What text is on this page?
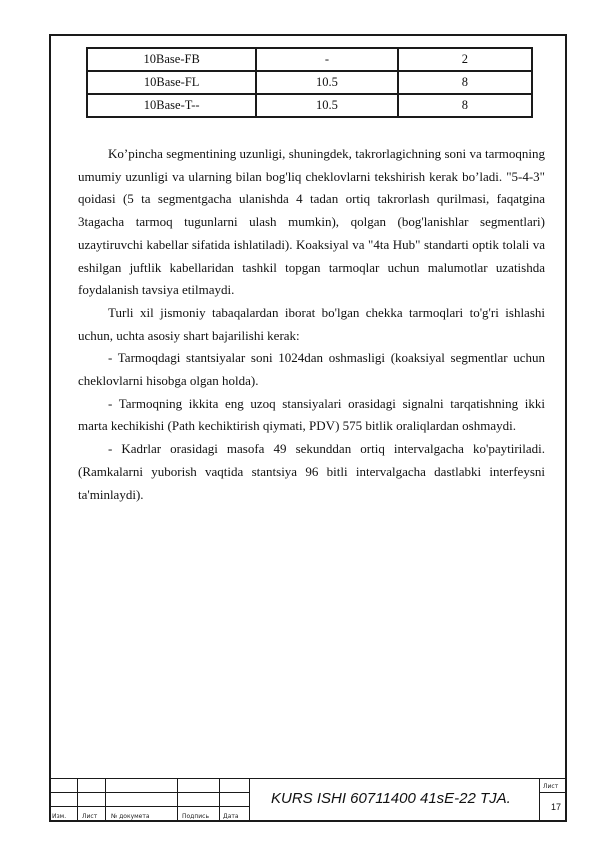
10Base-FB	-	2
10Base-FL	10.5	8
10Base-T--	10.5	8

Ko’pincha segmentining uzunligi, shuningdek, takrorlagichning soni va tarmoqning umumiy uzunligi va ularning bilan bog'liq cheklovlarni tekshirish kerak bo’ladi. "5-4-3" qoidasi (5 ta segmentgacha ulanishda 4 tadan ortiq takrorlash qurilmasi, faqatgina 3tagacha tarmoq tugunlarni ulash mumkin), qolgan (bog'lanishlar segmentlari) uzaytiruvchi kabellar sifatida ishlatiladi). Koaksiyal va "4ta Hub" standarti optik tolali va eshilgan juftlik kabellaridan tashkil topgan tarmoqlar uchun malumotlar uzatishda foydalanish tavsiya etilmaydi.

Turli xil jismoniy tabaqalardan iborat bo'lgan chekka tarmoqlari to'g'ri ishlashi uchun, uchta asosiy shart bajarilishi kerak:

- Tarmoqdagi stantsiyalar soni 1024dan oshmasligi (koaksiyal segmentlar uchun cheklovlarni hisobga olgan holda).

- Tarmoqning ikkita eng uzoq stansiyalari orasidagi signalni tarqatishning ikki marta kechikishi (Path kechiktirish qiymati, PDV) 575 bitlik oraliqlardan oshmaydi.

- Kadrlar orasidagi masofa 49 sekunddan ortiq intervalgacha ko'paytiriladi. (Ramkalarni yuborish vaqtida stantsiya 96 bitli intervalgacha dastlabki interfeysni ta'minlaydi).

Изм.	Лист № докумета	Подпись Дата
KURS ISHI 60711400 41sE-22 TJA.
Лист
17
